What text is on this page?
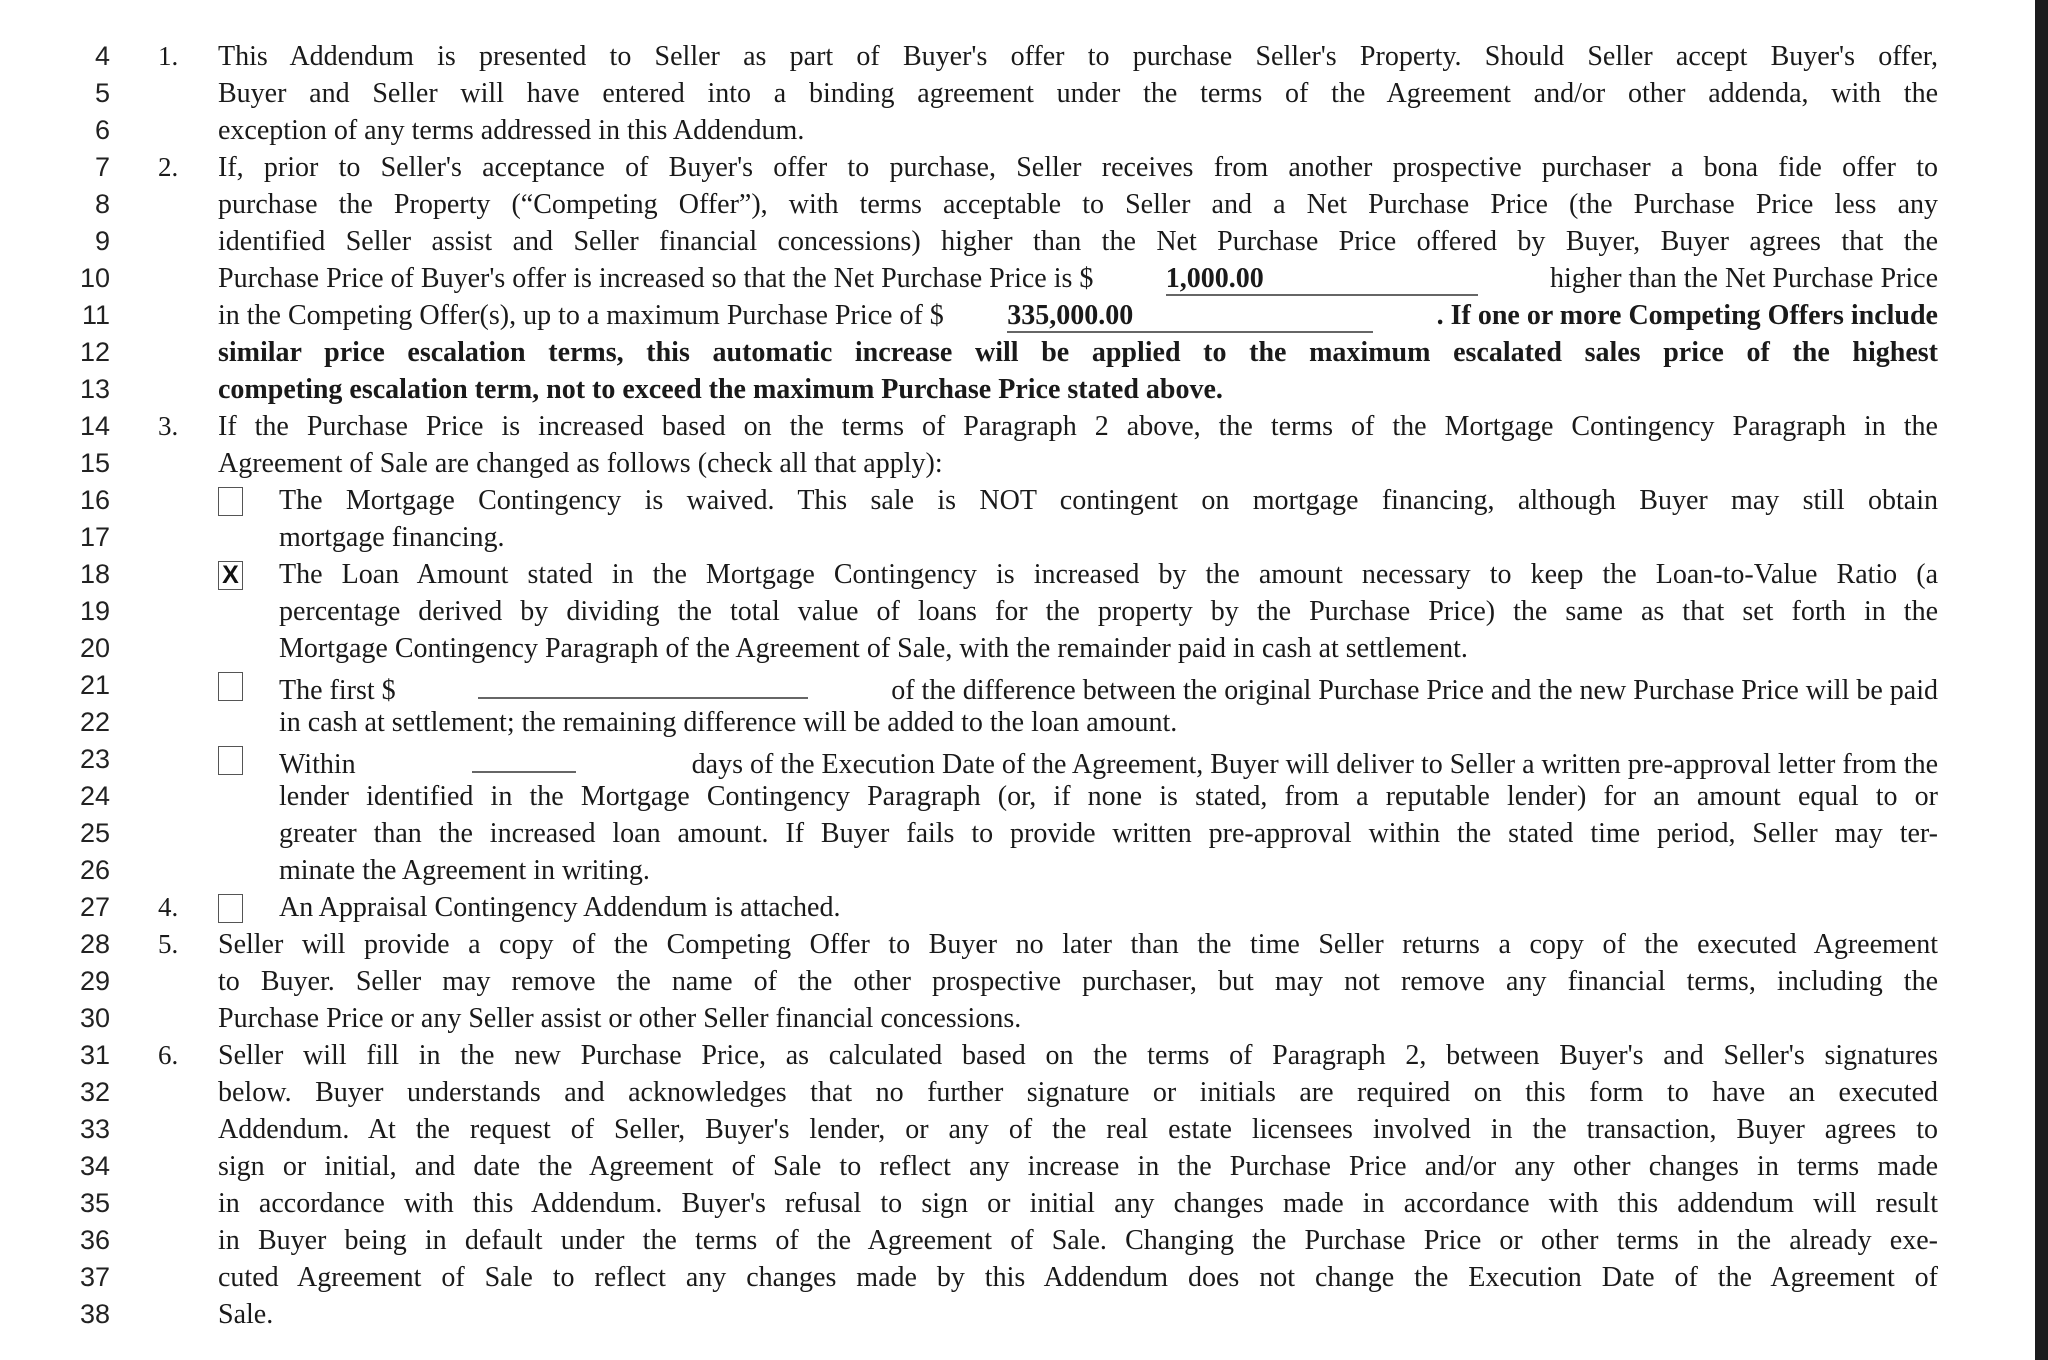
4
5
6
7
8
9
10
11
12
13
14
15
16
17
18
19
20
21
22
23
24
25
26
27
28
29
30
31
32
33
34
35
36
37
38
1. This Addendum is presented to Seller as part of Buyer's offer to purchase Seller's Property. Should Seller accept Buyer's offer,
Buyer and Seller will have entered into a binding agreement under the terms of the Agreement and/or other addenda, with the
exception of any terms addressed in this Addendum.
2. If, prior to Seller's acceptance of Buyer's offer to purchase, Seller receives from another prospective purchaser a bona fide offer to
purchase the Property (“Competing Offer”), with terms acceptable to Seller and a Net Purchase Price (the Purchase Price less any
identified Seller assist and Seller financial concessions) higher than the Net Purchase Price offered by Buyer, Buyer agrees that the
Purchase Price of Buyer's offer is increased so that the Net Purchase Price is $	1,000.00	higher than the Net Purchase Price
in the Competing Offer(s), up to a maximum Purchase Price of $ 335,000.00	. If one or more Competing Offers include
similar price escalation terms, this automatic increase will be applied to the maximum escalated sales price of the highest
competing escalation term, not to exceed the maximum Purchase Price stated above.
3. If the Purchase Price is increased based on the terms of Paragraph 2 above, the terms of the Mortgage Contingency Paragraph in the
Agreement of Sale are changed as follows (check all that apply):
The Mortgage Contingency is waived. This sale is NOT contingent on mortgage financing, although Buyer may still obtain
mortgage financing.
X The Loan Amount stated in the Mortgage Contingency is increased by the amount necessary to keep the Loan-to-Value Ratio (a
percentage derived by dividing the total value of loans for the property by the Purchase Price) the same as that set forth in the
Mortgage Contingency Paragraph of the Agreement of Sale, with the remainder paid in cash at settlement.
The first $	of the difference between the original Purchase Price and the new Purchase Price will be paid
in cash at settlement; the remaining difference will be added to the loan amount.
Within	days of the Execution Date of the Agreement, Buyer will deliver to Seller a written pre-approval letter from the
lender identified in the Mortgage Contingency Paragraph (or, if none is stated, from a reputable lender) for an amount equal to or
greater than the increased loan amount. If Buyer fails to provide written pre-approval within the stated time period, Seller may ter-
minate the Agreement in writing.
4.	An Appraisal Contingency Addendum is attached.
5. Seller will provide a copy of the Competing Offer to Buyer no later than the time Seller returns a copy of the executed Agreement
to Buyer. Seller may remove the name of the other prospective purchaser, but may not remove any financial terms, including the
Purchase Price or any Seller assist or other Seller financial concessions.
6. Seller will fill in the new Purchase Price, as calculated based on the terms of Paragraph 2, between Buyer's and Seller's signatures
below. Buyer understands and acknowledges that no further signature or initials are required on this form to have an executed
Addendum. At the request of Seller, Buyer's lender, or any of the real estate licensees involved in the transaction, Buyer agrees to
sign or initial, and date the Agreement of Sale to reflect any increase in the Purchase Price and/or any other changes in terms made
in accordance with this Addendum. Buyer's refusal to sign or initial any changes made in accordance with this addendum will result
in Buyer being in default under the terms of the Agreement of Sale. Changing the Purchase Price or other terms in the already exe-
cuted Agreement of Sale to reflect any changes made by this Addendum does not change the Execution Date of the Agreement of
Sale.
